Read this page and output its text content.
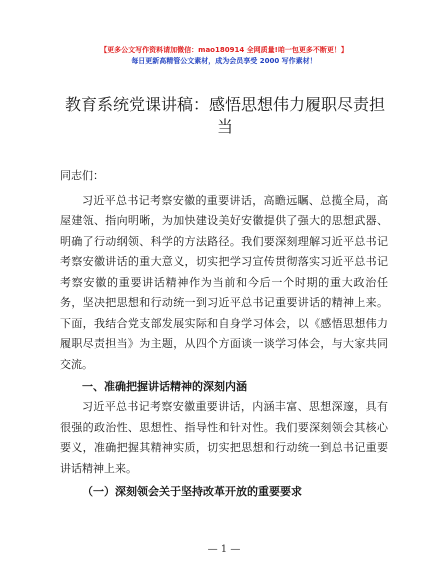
【更多公文写作资料请加微信：mao180914 全网质量!咱一包更多不断更！】
每日更新高精管公文素材，成为会员享受 2000 写作素材！
教育系统党课讲稿：感悟思想伟力履职尽责担当

同志们：

习近平总书记考察安徽的重要讲话，高瞻远瞩、总揽全局，高屋建瓴、指向明晰，为加快建设美好安徽提供了强大的思想武器、明确了行动纲领、科学的方法路径。我们要深刻理解习近平总书记考察安徽讲话的重大意义，切实把学习宣传贯彻落实习近平总书记考察安徽的重要讲话精神作为当前和今后一个时期的重大政治任务，坚决把思想和行动统一到习近平总书记重要讲话的精神上来。下面，我结合党支部发展实际和自身学习体会，以《感悟思想伟力履职尽责担当》为主题，从四个方面谈一谈学习体会，与大家共同交流。

一、准确把握讲话精神的深刻内涵

习近平总书记考察安徽重要讲话，内涵丰富、思想深邃，具有很强的政治性、思想性、指导性和针对性。我们要深刻领会其核心要义，准确把握其精神实质，切实把思想和行动统一到总书记重要讲话精神上来。

（一）深刻领会关于坚持改革开放的重要要求
— 1 —
